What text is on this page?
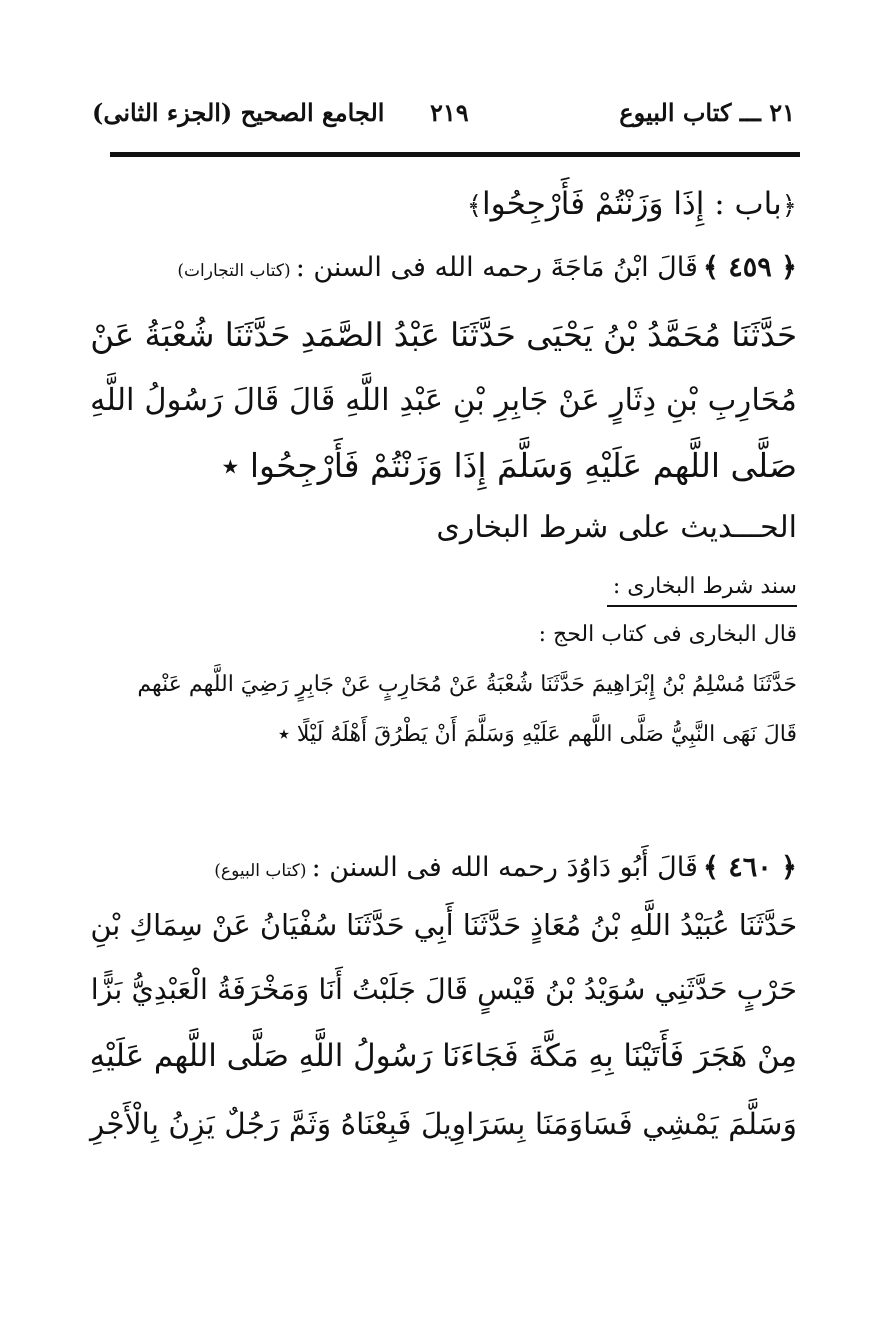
الجامع الصحيح (الجزء الثانى) ٢١٩	٢١ ـــ كتاب البيوع
﴿باب : إِذَا وَزَنْتُمْ فَأَرْجِحُوا﴾
﴿ ٤٥٩ ﴾ قَالَ ابْنُ مَاجَةَ رحمه الله فى السنن : (كتاب التجارات)
حَدَّثَنَا مُحَمَّدُ بْنُ يَحْيَى حَدَّثَنَا عَبْدُ الصَّمَدِ حَدَّثَنَا شُعْبَةُ عَنْ
مُحَارِبِ بْنِ دِثَارٍ عَنْ جَابِرِ بْنِ عَبْدِ اللَّهِ قَالَ قَالَ رَسُولُ اللَّهِ
صَلَّى اللَّهم عَلَيْهِ وَسَلَّمَ إِذَا وَزَنْتُمْ فَأَرْجِحُوا ٭
الحـــديث على شرط البخارى
سند شرط البخارى :
قال البخارى فى كتاب الحج :
حَدَّثَنَا مُسْلِمُ بْنُ إِبْرَاهِيمَ حَدَّثَنَا شُعْبَةُ عَنْ مُحَارِبٍ عَنْ جَابِرٍ رَضِيَ اللَّهم عَنْهم
قَالَ نَهَى النَّبِيُّ صَلَّى اللَّهم عَلَيْهِ وَسَلَّمَ أَنْ يَطْرُقَ أَهْلَهُ لَيْلًا ٭
﴿ ٤٦٠ ﴾ قَالَ أَبُو دَاوُدَ رحمه الله فى السنن : (كتاب البيوع)
حَدَّثَنَا عُبَيْدُ اللَّهِ بْنُ مُعَاذٍ حَدَّثَنَا أَبِي حَدَّثَنَا سُفْيَانُ عَنْ سِمَاكِ بْنِ
حَرْبٍ حَدَّثَنِي سُوَيْدُ بْنُ قَيْسٍ قَالَ جَلَبْتُ أَنَا وَمَخْرَفَةُ الْعَبْدِيُّ بَزًّا
مِنْ هَجَرَ فَأَتَيْنَا بِهِ مَكَّةَ فَجَاءَنَا رَسُولُ اللَّهِ صَلَّى اللَّهم عَلَيْهِ
وَسَلَّمَ يَمْشِي فَسَاوَمَنَا بِسَرَاوِيلَ فَبِعْنَاهُ وَثَمَّ رَجُلٌ يَزِنُ بِالْأَجْرِ
